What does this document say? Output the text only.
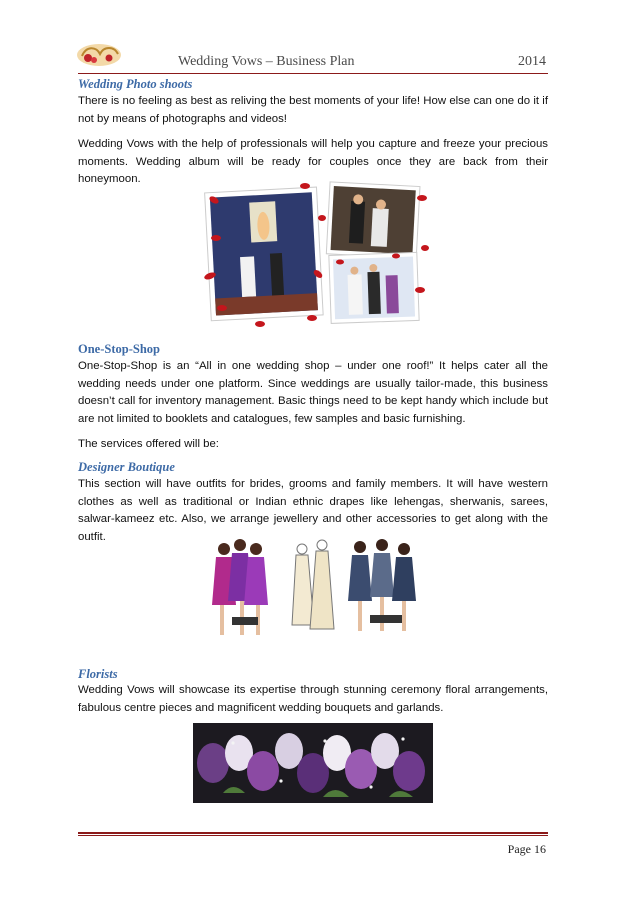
Wedding Vows – Business Plan	2014
Wedding Photo shoots
There is no feeling as best as reliving the best moments of your life! How else can one do it if not by means of photographs and videos!
Wedding Vows with the help of professionals will help you capture and freeze your precious moments. Wedding album will be ready for couples once they are back from their honeymoon.
One-Stop-Shop
One-Stop-Shop is an “All in one wedding shop – under one roof!” It helps cater all the wedding needs under one platform. Since weddings are usually tailor-made, this business doesn’t call for inventory management. Basic things need to be kept handy which include but are not limited to booklets and catalogues, few samples and basic furnishing.
The services offered will be:
Designer Boutique
This section will have outfits for brides, grooms and family members. It will have western clothes as well as traditional or Indian ethnic drapes like lehengas, sherwanis, sarees, salwar-kameez etc. Also, we arrange jewellery and other accessories to get along with the outfit.
Florists
Wedding Vows will showcase its expertise through stunning ceremony floral arrangements, fabulous centre pieces and magnificent wedding bouquets and garlands.
Page 16
